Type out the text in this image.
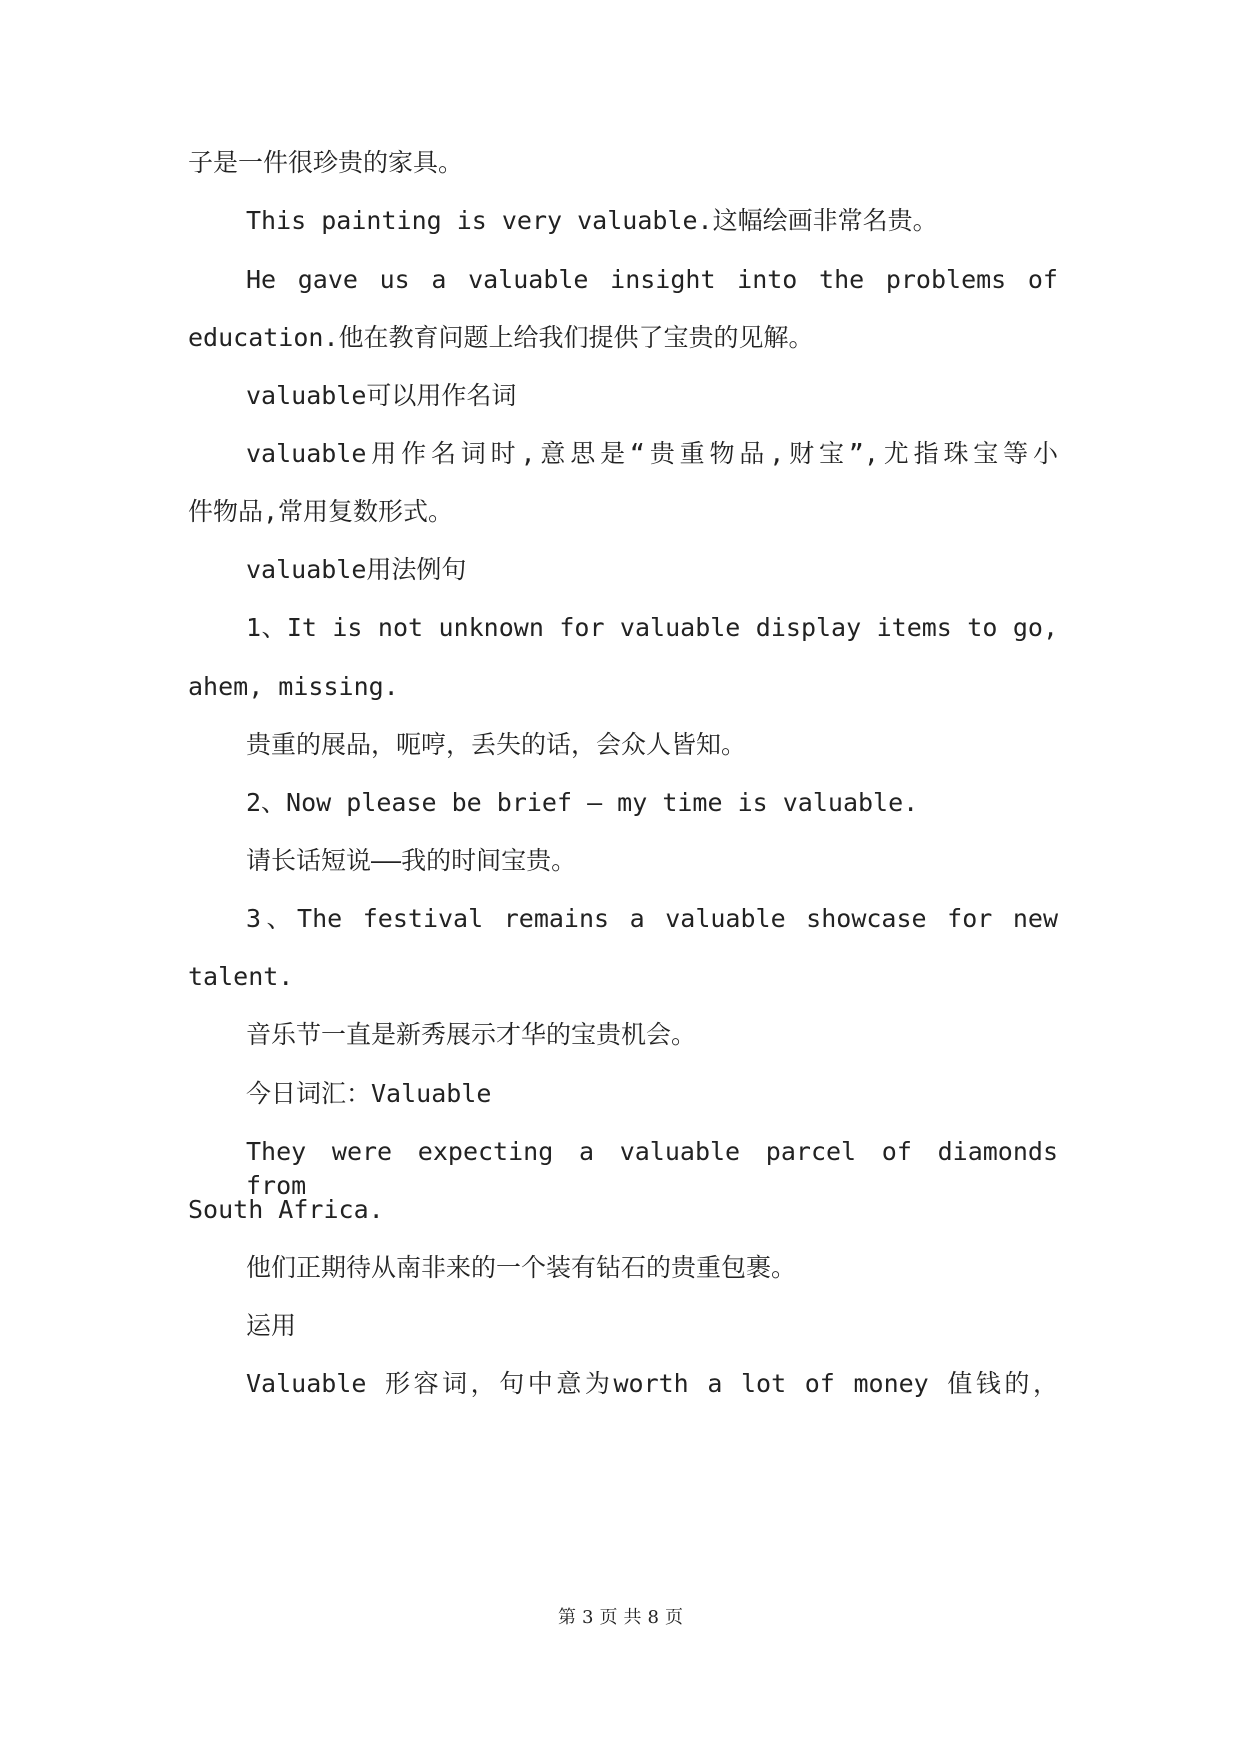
子是一件很珍贵的家具。
This painting is very valuable.这幅绘画非常名贵。
He gave us a valuable insight into the problems of
education.他在教育问题上给我们提供了宝贵的见解。
valuable可以用作名词
valuable用作名词时,意思是“贵重物品,财宝”,尤指珠宝等小
件物品,常用复数形式。
valuable用法例句
1、It is not unknown for valuable display items to go,
ahem, missing.
贵重的展品，呃哼，丢失的话，会众人皆知。
2、Now please be brief — my time is valuable.
请长话短说——我的时间宝贵。
3、The festival remains a valuable showcase for new
talent.
音乐节一直是新秀展示才华的宝贵机会。
今日词汇：Valuable
They were expecting a valuable parcel of diamonds from
South Africa.
他们正期待从南非来的一个装有钻石的贵重包裹。
运用
Valuable 形容词，句中意为worth a lot of money 值钱的，
第 3 页 共 8 页
